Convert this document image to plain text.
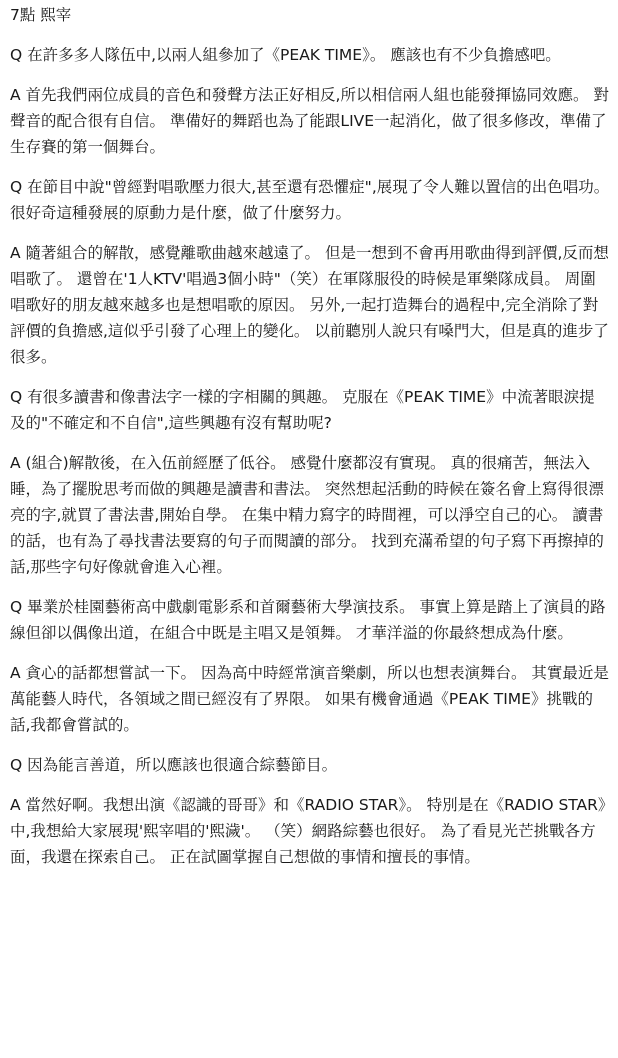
7點 熙宰
Q 在許多多人隊伍中,以兩人組參加了《PEAK TIME》。 應該也有不少負擔感吧。
A 首先我們兩位成員的音色和發聲方法正好相反,所以相信兩人組也能發揮協同效應。 對聲音的配合很有自信。 準備好的舞蹈也為了能跟LIVE一起消化，做了很多修改，準備了生存賽的第一個舞台。
Q 在節目中說"曾經對唱歌壓力很大,甚至還有恐懼症",展現了令人難以置信的出色唱功。 很好奇這種發展的原動力是什麼，做了什麼努力。
A 隨著組合的解散，感覺離歌曲越來越遠了。 但是一想到不會再用歌曲得到評價,反而想唱歌了。 還曾在'1人KTV'唱過3個小時"（笑）在軍隊服役的時候是軍樂隊成員。 周圍唱歌好的朋友越來越多也是想唱歌的原因。 另外,一起打造舞台的過程中,完全消除了對評價的負擔感,這似乎引發了心理上的變化。 以前聽別人說只有嗓門大，但是真的進步了很多。
Q 有很多讀書和像書法字一樣的字相關的興趣。 克服在《PEAK TIME》中流著眼淚提及的"不確定和不自信",這些興趣有沒有幫助呢?
A (組合)解散後，在入伍前經歷了低谷。 感覺什麼都沒有實現。 真的很痛苦，無法入睡，為了擺脫思考而做的興趣是讀書和書法。 突然想起活動的時候在簽名會上寫得很漂亮的字,就買了書法書,開始自學。 在集中精力寫字的時間裡，可以淨空自己的心。 讀書的話，也有為了尋找書法要寫的句子而閱讀的部分。 找到充滿希望的句子寫下再擦掉的話,那些字句好像就會進入心裡。
Q 畢業於桂園藝術高中戲劇電影系和首爾藝術大學演技系。 事實上算是踏上了演員的路線但卻以偶像出道，在組合中既是主唱又是領舞。 才華洋溢的你最終想成為什麼。
A 貪心的話都想嘗試一下。 因為高中時經常演音樂劇，所以也想表演舞台。 其實最近是萬能藝人時代，各領域之間已經沒有了界限。 如果有機會通過《PEAK TIME》挑戰的話,我都會嘗試的。
Q 因為能言善道，所以應該也很適合綜藝節目。
A 當然好啊。我想出演《認識的哥哥》和《RADIO STAR》。 特別是在《RADIO STAR》中,我想給大家展現'熙宰唱的'熙濊'。 （笑）網路綜藝也很好。 為了看見光芒挑戰各方面，我還在探索自己。 正在試圖掌握自己想做的事情和擅長的事情。
